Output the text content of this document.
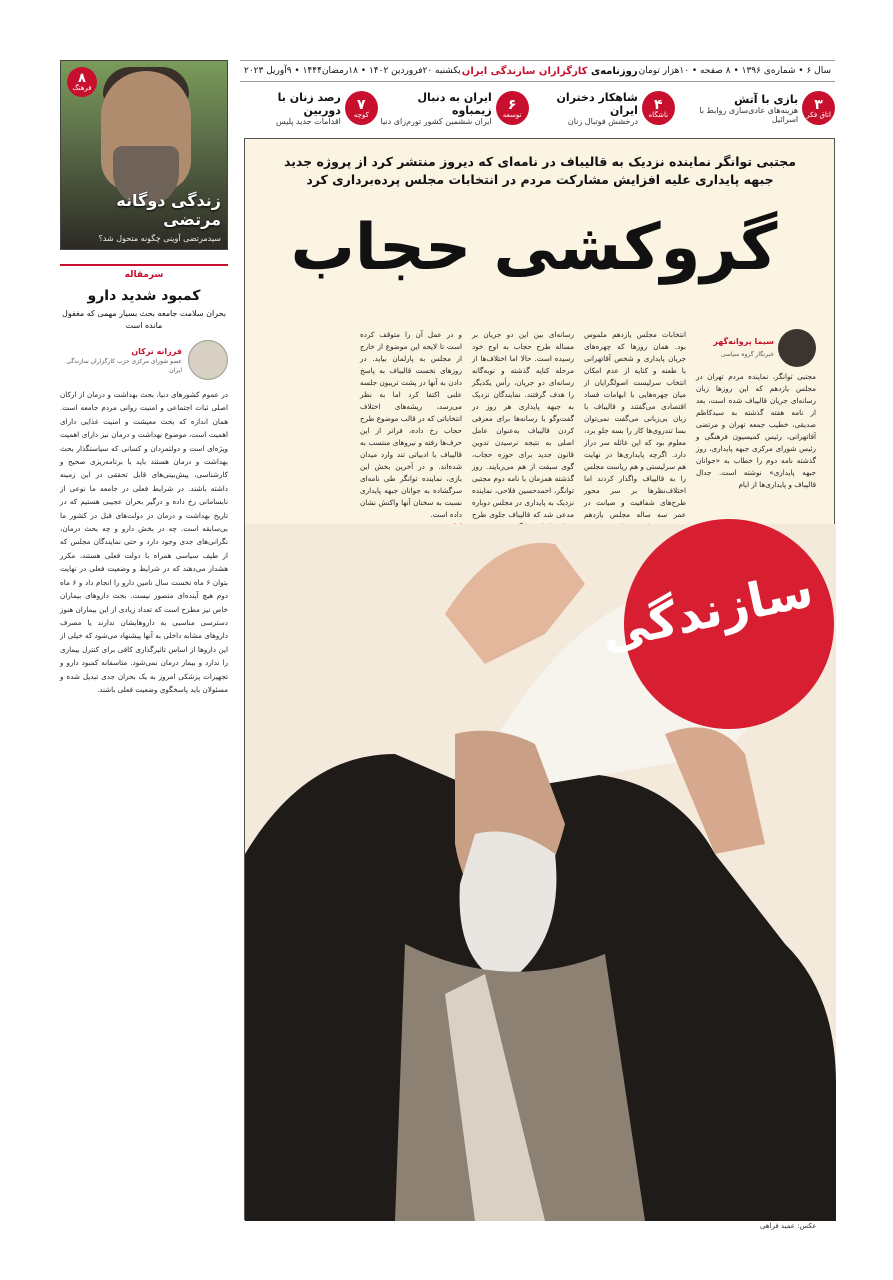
سال ۶ • شماره‌ی ۱۳۹۶ • ۸ صفحه • ۱۰هزار تومان
روزنامه‌ی کارگزاران سازندگی ایران
یکشنبه ۲۰فروردین ۱۴۰۲ • ۱۸رمضان۱۴۴۴ • ۹آوریل ۲۰۲۳
۳
اتاق فکر
بازی با آتش
هزینه‌های عادی‌سازی روابط با اسرائیل
۴
ناشگاه
شاهکار دختران ایران
درخشش فوتبال زنان
۶
توسعه
ایران به دنبال زیمباوه
ایران ششمین کشور تورم‌زای دنیا
۷
کوچه
رصد زنان با دوربین
اقدامات جدید پلیس
۸
فرهنگ
زندگی دوگانه مرتضی
سیدمرتضی آوینی چگونه متحول شد؟
سرمقاله
کمبود شدید دارو
بحران سلامت جامعه بحث بسیار مهمی که مغفول مانده است
فرزانه ترکان
عضو شورای مرکزی حزب کارگزاران سازندگی ایران
در عموم کشورهای دنیا، بحث بهداشت و درمان از ارکان اصلی ثبات اجتماعی و امنیت روانی مردم جامعه است. همان اندازه که بحث معیشت و امنیت غذایی دارای اهمیت است، موضوع بهداشت و درمان نیز دارای اهمیت ویژه‌ای است و دولتمردان و کسانی که سیاستگذار بحث بهداشت و درمان هستند باید با برنامه‌ریزی صحیح و کارشناسی، پیش‌بینی‌های قابل تحققی در این زمینه داشته باشند. در شرایط فعلی در جامعه ما نوعی از نابسامانی رخ داده و درگیر بحران عجیبی هستیم که در تاریخ بهداشت و درمان در دولت‌های قبل در کشور ما بی‌سابقه است. چه در بخش دارو و چه بحث درمان، نگرانی‌های جدی وجود دارد و حتی نمایندگان مجلس که از طیف سیاسی همراه با دولت فعلی هستند، مکرر هشدار می‌دهند که در شرایط و وضعیت فعلی در نهایت بتوان ۶ ماه نخست سال نامین دارو را انجام داد و ۶ ماه دوم هیچ آینده‌ای متصور نیست. بحث داروهای بیماران خاص نیز مطرح است که تعداد زیادی از این بیماران هنوز دسترسی مناسبی به داروهایشان ندارند یا مصرف داروهای مشابه داخلی به آنها پیشنهاد می‌شود که خیلی از این داروها از اساس تاثیرگذاری کافی برای کنترل بیماری را ندارد و بیمار درمان نمی‌شود. متاسفانه کمبود دارو و تجهیزات پزشکی امروز به یک بحران جدی تبدیل شده و مسئولان باید پاسخگوی وضعیت فعلی باشند.
مجتبی توانگر نماینده نزدیک به قالیباف در نامه‌ای که دیروز منتشر کرد از پروژه جدید جبهه پایداری علیه افزایش مشارکت مردم در انتخابات مجلس پرده‌برداری کرد
گروکشی حجاب
سیما پروانه‌گهر
خبرنگار گروه سیاسی
مجتبی توانگر، نماینده مردم تهران در مجلس یازدهم که این روزها زبان رسانه‌ای جریان قالیباف شده است، بعد از نامه هفته گذشته به سیدکاظم صدیقی، خطیب جمعه تهران و مرتضی آقاتهرانی، رئیس کمیسیون فرهنگی و رئیس شورای مرکزی جبهه پایداری، روز گذشته نامه دوم را خطاب به «جوانان جبهه پایداری» نوشته است. جدال قالیباف و پایداری‌ها از ایام
انتخابات مجلس یازدهم ملموس بود. همان روزها که چهره‌های جریان پایداری و شخص آقاتهرانی با طعنه و کنایه از عدم امکان انتخاب سرلیست اصولگرایان از میان چهره‌هایی با ابهامات فساد اقتصادی می‌گفتند و قالیباف با زبان بی‌زبانی می‌گفت نمی‌توان بسا تندروی‌ها کار را بسه جلو برد، معلوم بود که این غائله سر دراز دارد. اگرچه پایداری‌ها در نهایت هم سرلیستی و هم ریاست مجلس را به قالیباف واگذار کردند اما اختلاف‌نظرها بر سر محور طرح‌های شفافیت و صیانت در عمر سه ساله مجلس یازدهم
رسانه‌ای بین این دو جریان بر مساله طرح حجاب به اوج خود رسیده است. حالا اما اختلاف‌ها از مرحله کنایه گذشته و نوبه‌گانه رسانه‌ای دو جریان، رأس یکدیگر را هدف گرفتند. نمایندگان نزدیک به جبهه پایداری هر روز در گفت‌وگو با رسانه‌ها برای معرفی کردن قالیباف به‌عنوان عامل اصلی به نتیجه نرسیدن تدوین قانون جدید برای حوزه حجاب، گوی سبقت از هم می‌ربایند. روز گذشته همزمان با نامه دوم مجتبی توانگر، احمدحسین فلاحی، نماینده نزدیک به پایداری در مجلس دوباره مدعی شد که قالیباف جلوی طرح
و در عمل آن را متوقف کرده است تا لایحه این موضوع از خارج از مجلس به پارلمان بیاید. در روزهای نخست قالیباف به پاسخ دادن به آنها در پشت تریبون جلسه علنی اکتفا کرد اما به نظر می‌رسد، ریشه‌های اختلاف انتخاباتی که در قالب موضوع طرح حجاب رخ داده، فراتر از این حرف‌ها رفته و نیروهای منتسب به قالیباف با ادبیاتی تند وارد میدان شده‌اند. و در آخرین بخش این بازی، نماینده توانگر طی نامه‌ای سرگشاده به جوانان جبهه پایداری نسبت به سخنان آنها واکنش نشان داده است.
سازندگی
عکس: عمید فراهی
